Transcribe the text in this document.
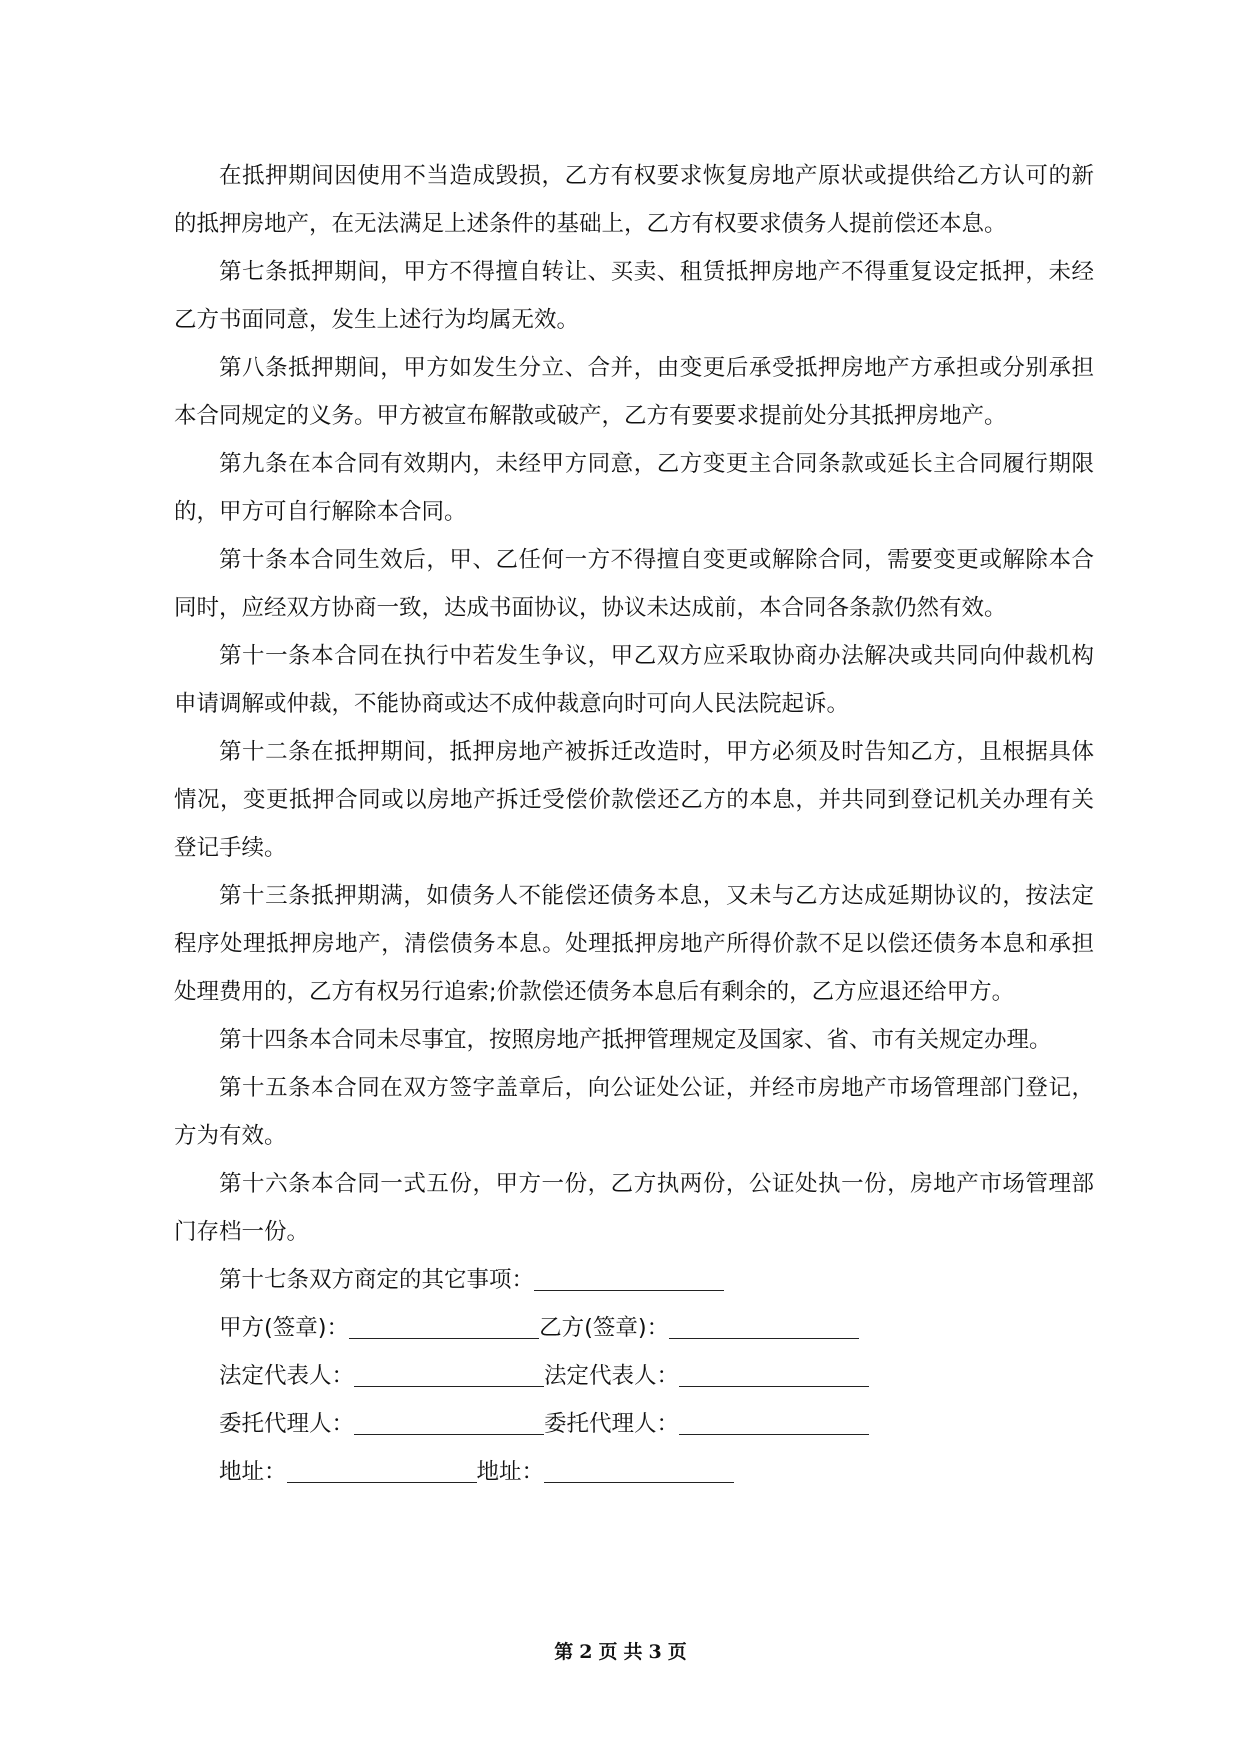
在抵押期间因使用不当造成毁损，乙方有权要求恢复房地产原状或提供给乙方认可的新的抵押房地产，在无法满足上述条件的基础上，乙方有权要求债务人提前偿还本息。

第七条抵押期间，甲方不得擅自转让、买卖、租赁抵押房地产不得重复设定抵押，未经乙方书面同意，发生上述行为均属无效。

第八条抵押期间，甲方如发生分立、合并，由变更后承受抵押房地产方承担或分别承担本合同规定的义务。甲方被宣布解散或破产，乙方有要要求提前处分其抵押房地产。

第九条在本合同有效期内，未经甲方同意，乙方变更主合同条款或延长主合同履行期限的，甲方可自行解除本合同。

第十条本合同生效后，甲、乙任何一方不得擅自变更或解除合同，需要变更或解除本合同时，应经双方协商一致，达成书面协议，协议未达成前，本合同各条款仍然有效。

第十一条本合同在执行中若发生争议，甲乙双方应采取协商办法解决或共同向仲裁机构申请调解或仲裁，不能协商或达不成仲裁意向时可向人民法院起诉。

第十二条在抵押期间，抵押房地产被拆迁改造时，甲方必须及时告知乙方，且根据具体情况，变更抵押合同或以房地产拆迁受偿价款偿还乙方的本息，并共同到登记机关办理有关登记手续。

第十三条抵押期满，如债务人不能偿还债务本息，又未与乙方达成延期协议的，按法定程序处理抵押房地产，清偿债务本息。处理抵押房地产所得价款不足以偿还债务本息和承担处理费用的，乙方有权另行追索;价款偿还债务本息后有剩余的，乙方应退还给甲方。

第十四条本合同未尽事宜，按照房地产抵押管理规定及国家、省、市有关规定办理。

第十五条本合同在双方签字盖章后，向公证处公证，并经市房地产市场管理部门登记，方为有效。

第十六条本合同一式五份，甲方一份，乙方执两份，公证处执一份，房地产市场管理部门存档一份。

第十七条双方商定的其它事项：

甲方(签章)：	乙方(签章)：

法定代表人：	法定代表人：

委托代理人：	委托代理人：

地址：	地址：

第 2 页 共 3 页
